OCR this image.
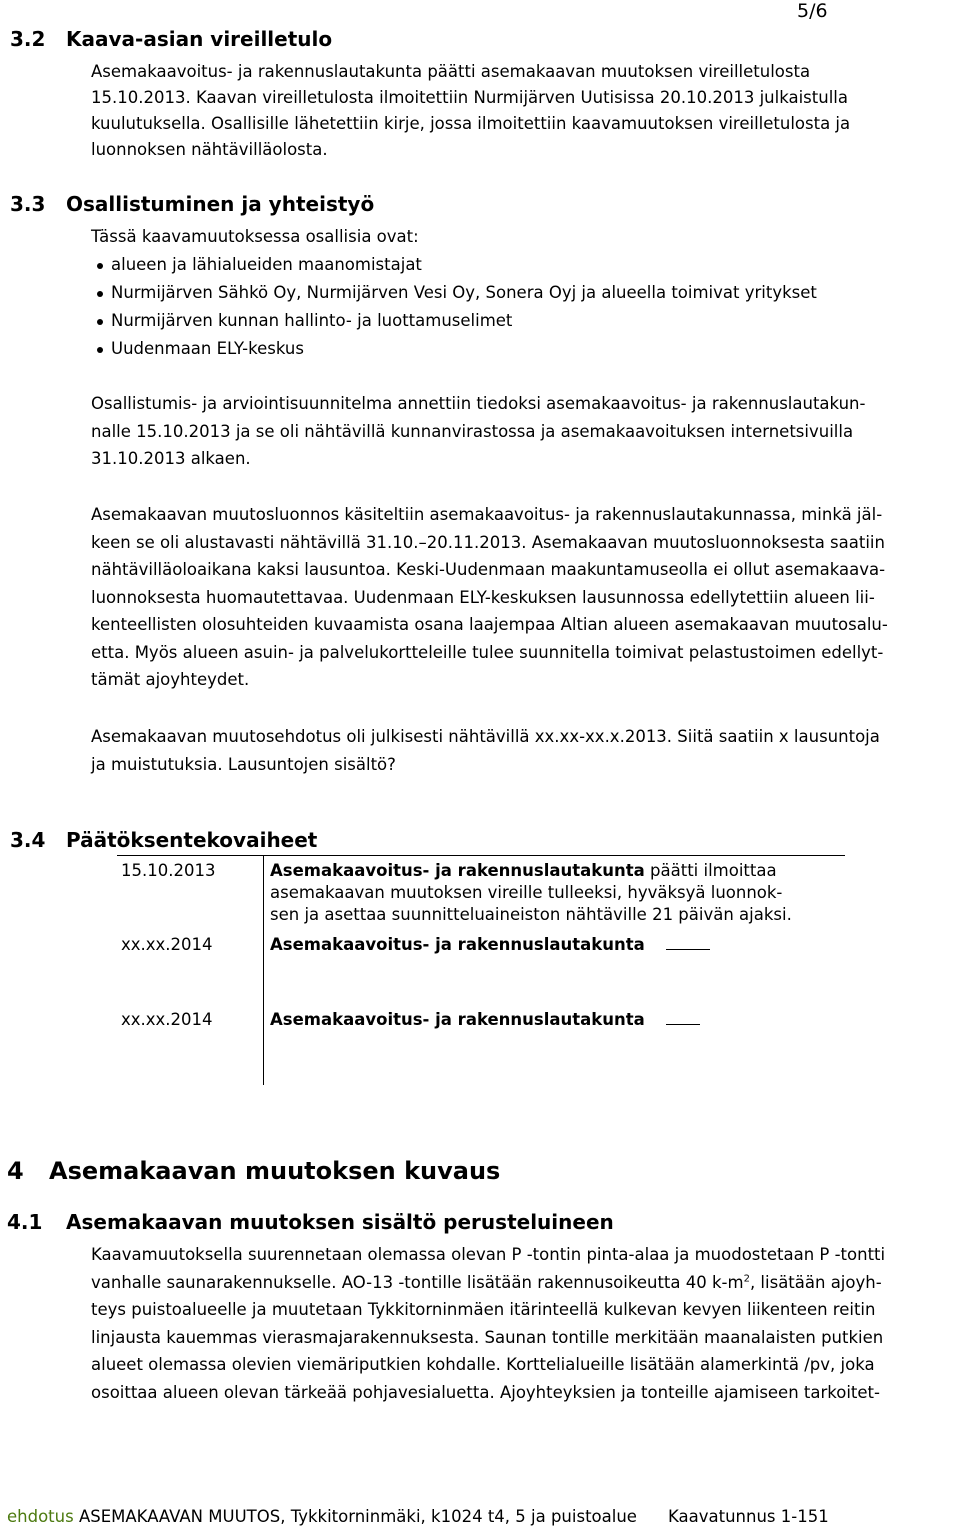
5/6
3.2 Kaava-asian vireilletulo
Asemakaavoitus- ja rakennuslautakunta päätti asemakaavan muutoksen vireilletulosta
15.10.2013. Kaavan vireilletulosta ilmoitettiin Nurmijärven Uutisissa 20.10.2013 julkaistulla
kuulutuksella. Osallisille lähetettiin kirje, jossa ilmoitettiin kaavamuutoksen vireilletulosta ja
luonnoksen nähtävilläolosta.
3.3 Osallistuminen ja yhteistyö
Tässä kaavamuutoksessa osallisia ovat:
alueen ja lähialueiden maanomistajat
Nurmijärven Sähkö Oy, Nurmijärven Vesi Oy, Sonera Oyj ja alueella toimivat yritykset
Nurmijärven kunnan hallinto- ja luottamuselimet
Uudenmaan ELY-keskus
Osallistumis- ja arviointisuunnitelma annettiin tiedoksi asemakaavoitus- ja rakennuslautakun-
nalle 15.10.2013 ja se oli nähtävillä kunnanvirastossa ja asemakaavoituksen internetsivuilla
31.10.2013 alkaen.
Asemakaavan muutosluonnos käsiteltiin asemakaavoitus- ja rakennuslautakunnassa, minkä jäl-
keen se oli alustavasti nähtävillä 31.10.–20.11.2013. Asemakaavan muutosluonnoksesta saatiin
nähtävilläoloaikana kaksi lausuntoa. Keski-Uudenmaan maakuntamuseolla ei ollut asemakaava-
luonnoksesta huomautettavaa. Uudenmaan ELY-keskuksen lausunnossa edellytettiin alueen lii-
kenteellisten olosuhteiden kuvaamista osana laajempaa Altian alueen asemakaavan muutosalu-
etta. Myös alueen asuin- ja palvelukortteleille tulee suunnitella toimivat pelastustoimen edellyt-
tämät ajoyhteydet.
Asemakaavan muutosehdotus oli julkisesti nähtävillä xx.xx-xx.x.2013. Siitä saatiin x lausuntoja
ja muistutuksia. Lausuntojen sisältö?
3.4 Päätöksentekovaiheet
15.10.2013	Asemakaavoitus- ja rakennuslautakunta päätti ilmoittaa
asemakaavan muutoksen vireille tulleeksi, hyväksyä luonnok-
sen ja asettaa suunnitteluaineiston nähtäville 21 päivän ajaksi.
xx.xx.2014	Asemakaavoitus- ja rakennuslautakunta
xx.xx.2014	Asemakaavoitus- ja rakennuslautakunta
4 Asemakaavan muutoksen kuvaus
4.1 Asemakaavan muutoksen sisältö perusteluineen
Kaavamuutoksella suurennetaan olemassa olevan P -tontin pinta-alaa ja muodostetaan P -tontti
vanhalle saunarakennukselle. AO-13 -tontille lisätään rakennusoikeutta 40 $k-m^2$, lisätään ajoyh-
teys puistoalueelle ja muutetaan Tykkitorninmäen itärinteellä kulkevan kevyen liikenteen reitin
linjausta kauemmas vierasmajarakennuksesta. Saunan tontille merkitään maanalaisten putkien
alueet olemassa olevien viemäriputkien kohdalle. Korttelialueille lisätään alamerkintä /pv, joka
osoittaa alueen olevan tärkeää pohjavesialuetta. Ajoyhteyksien ja tonteille ajamiseen tarkoitet-
ehdotus ASEMAKAAVAN MUUTOS, Tykkitorninmäki, k1024 t4, 5 ja puistoalue Kaavatunnus 1-151
